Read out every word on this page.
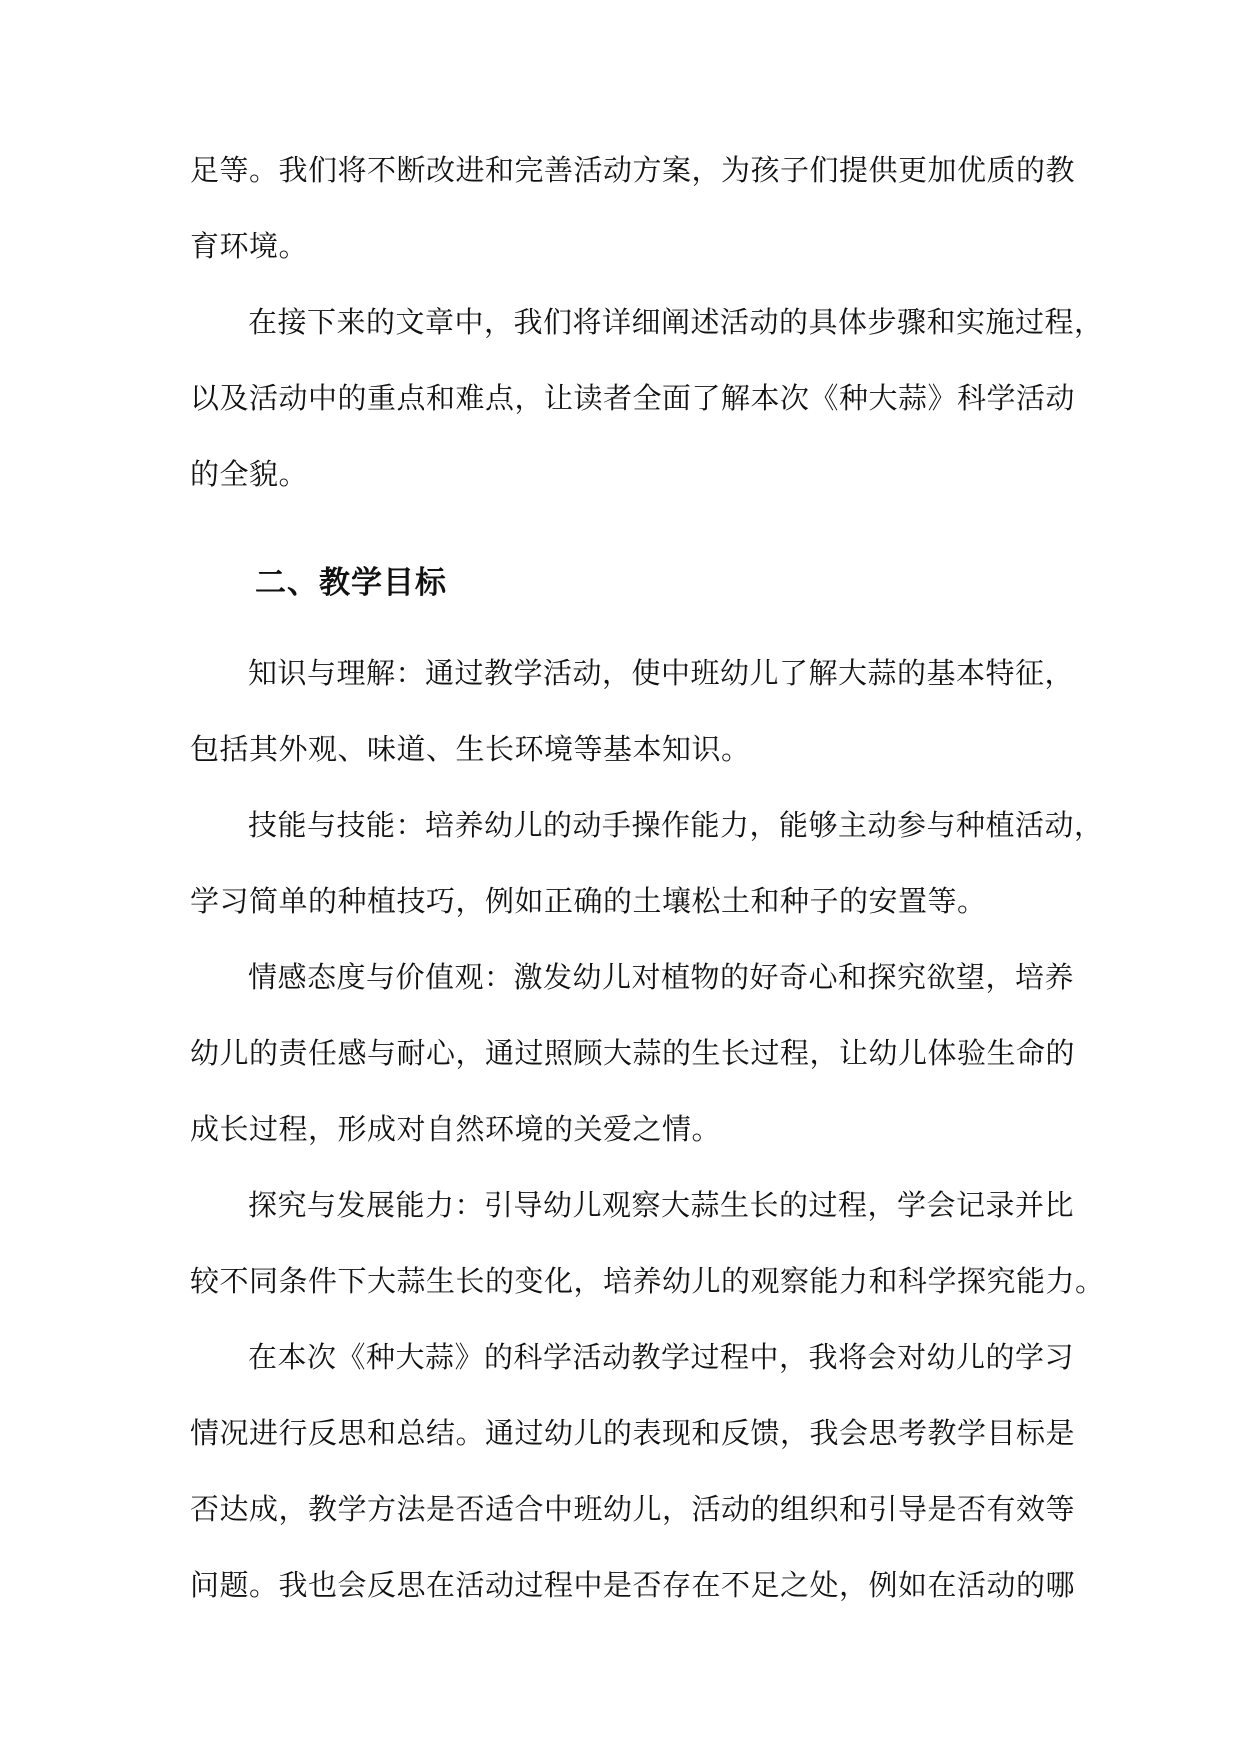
足等。我们将不断改进和完善活动方案，为孩子们提供更加优质的教
育环境。
在接下来的文章中，我们将详细阐述活动的具体步骤和实施过程，
以及活动中的重点和难点，让读者全面了解本次《种大蒜》科学活动
的全貌。
二、教学目标
知识与理解：通过教学活动，使中班幼儿了解大蒜的基本特征，
包括其外观、味道、生长环境等基本知识。
技能与技能：培养幼儿的动手操作能力，能够主动参与种植活动，
学习简单的种植技巧，例如正确的土壤松土和种子的安置等。
情感态度与价值观：激发幼儿对植物的好奇心和探究欲望，培养
幼儿的责任感与耐心，通过照顾大蒜的生长过程，让幼儿体验生命的
成长过程，形成对自然环境的关爱之情。
探究与发展能力：引导幼儿观察大蒜生长的过程，学会记录并比
较不同条件下大蒜生长的变化，培养幼儿的观察能力和科学探究能力。
在本次《种大蒜》的科学活动教学过程中，我将会对幼儿的学习
情况进行反思和总结。通过幼儿的表现和反馈，我会思考教学目标是
否达成，教学方法是否适合中班幼儿，活动的组织和引导是否有效等
问题。我也会反思在活动过程中是否存在不足之处，例如在活动的哪
